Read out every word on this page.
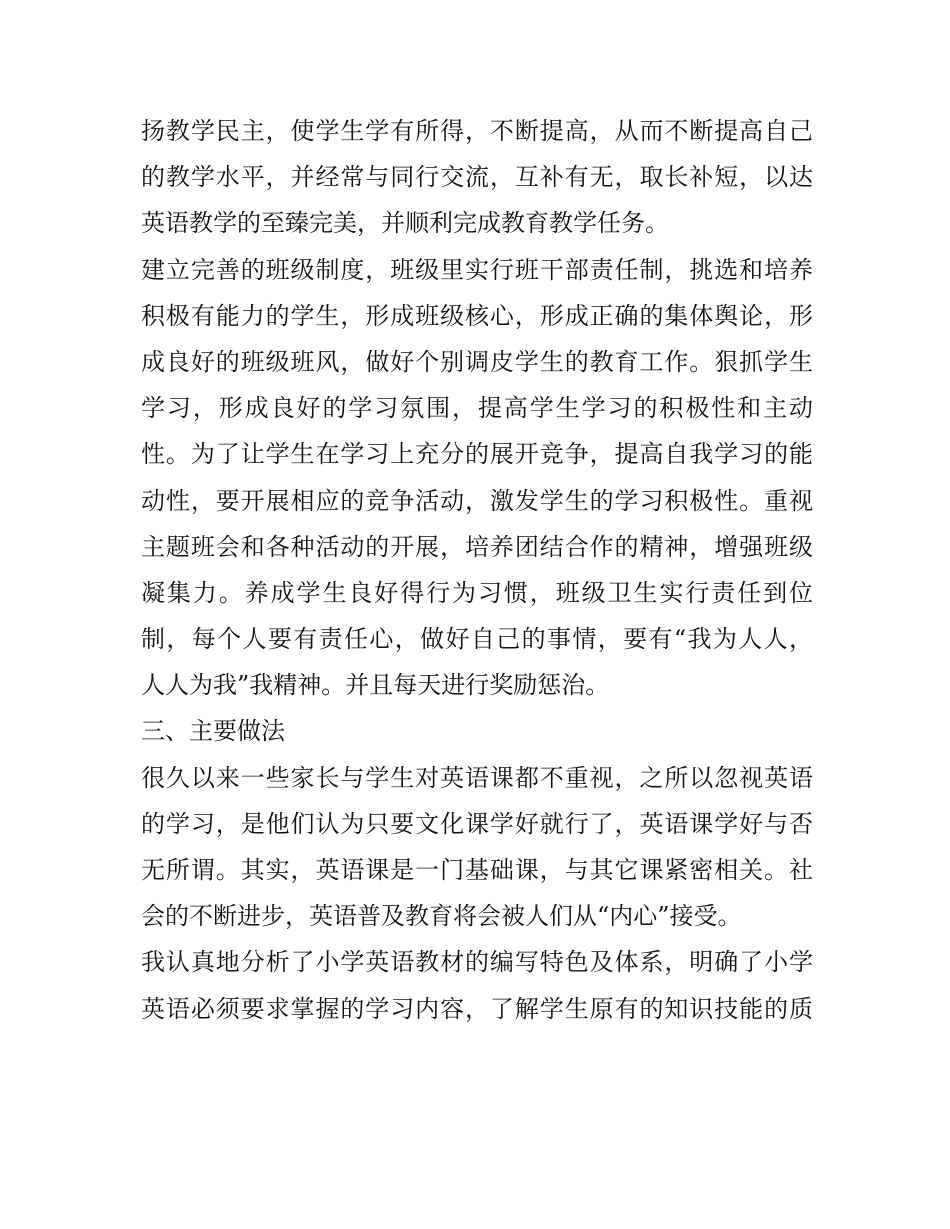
扬教学民主，使学生学有所得，不断提高，从而不断提高自己
的教学水平，并经常与同行交流，互补有无，取长补短，以达
英语教学的至臻完美，并顺利完成教育教学任务。
建立完善的班级制度，班级里实行班干部责任制，挑选和培养
积极有能力的学生，形成班级核心，形成正确的集体舆论，形
成良好的班级班风，做好个别调皮学生的教育工作。狠抓学生
学习，形成良好的学习氛围，提高学生学习的积极性和主动
性。为了让学生在学习上充分的展开竞争，提高自我学习的能
动性，要开展相应的竞争活动，激发学生的学习积极性。重视
主题班会和各种活动的开展，培养团结合作的精神，增强班级
凝集力。养成学生良好得行为习惯，班级卫生实行责任到位
制，每个人要有责任心，做好自己的事情，要有“我为人人，
人人为我”我精神。并且每天进行奖励惩治。
三、主要做法
很久以来一些家长与学生对英语课都不重视，之所以忽视英语
的学习，是他们认为只要文化课学好就行了，英语课学好与否
无所谓。其实，英语课是一门基础课，与其它课紧密相关。社
会的不断进步，英语普及教育将会被人们从“内心”接受。
我认真地分析了小学英语教材的编写特色及体系，明确了小学
英语必须要求掌握的学习内容，了解学生原有的知识技能的质
